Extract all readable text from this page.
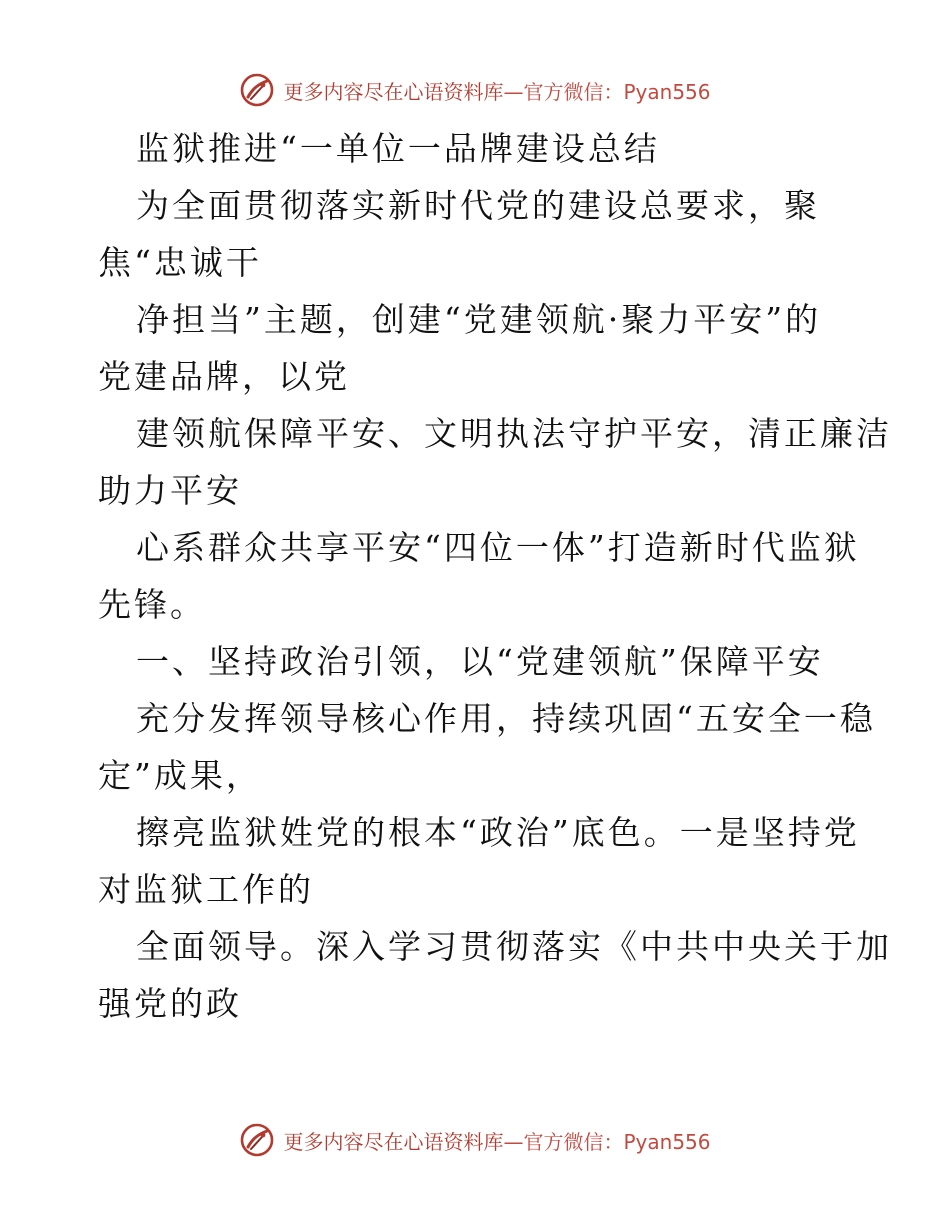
更多内容尽在心语资料库—官方微信：Pyan556

监狱推进“一单位一品牌建设总结

为全面贯彻落实新时代党的建设总要求，聚

焦“忠诚干

净担当”主题，创建“党建领航·聚力平安”的

党建品牌，以党

建领航保障平安、文明执法守护平安，清正廉洁

助力平安

心系群众共享平安“四位一体”打造新时代监狱

先锋。

一、坚持政治引领，以“党建领航”保障平安

充分发挥领导核心作用，持续巩固“五安全一稳

定”成果，

擦亮监狱姓党的根本“政治”底色。一是坚持党

对监狱工作的

全面领导。深入学习贯彻落实《中共中央关于加

强党的政

更多内容尽在心语资料库—官方微信：Pyan556
